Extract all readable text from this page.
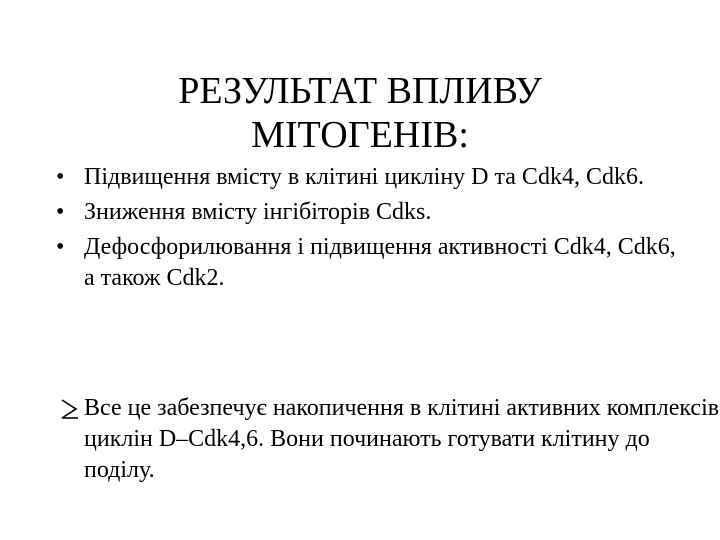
РЕЗУЛЬТАТ ВПЛИВУ
МІТОГЕНІВ:
• Підвищення вмісту в клітині цикліну D та Cdk4, Cdk6.
• Зниження вмісту інгібіторів Cdks.
• Дефосфорилювання і підвищення активності Cdk4, Cdk6, а також Cdk2.
Все це забезпечує накопичення в клітині активних комплексів циклін D–Cdk4,6. Вони починають готувати клітину до поділу.
